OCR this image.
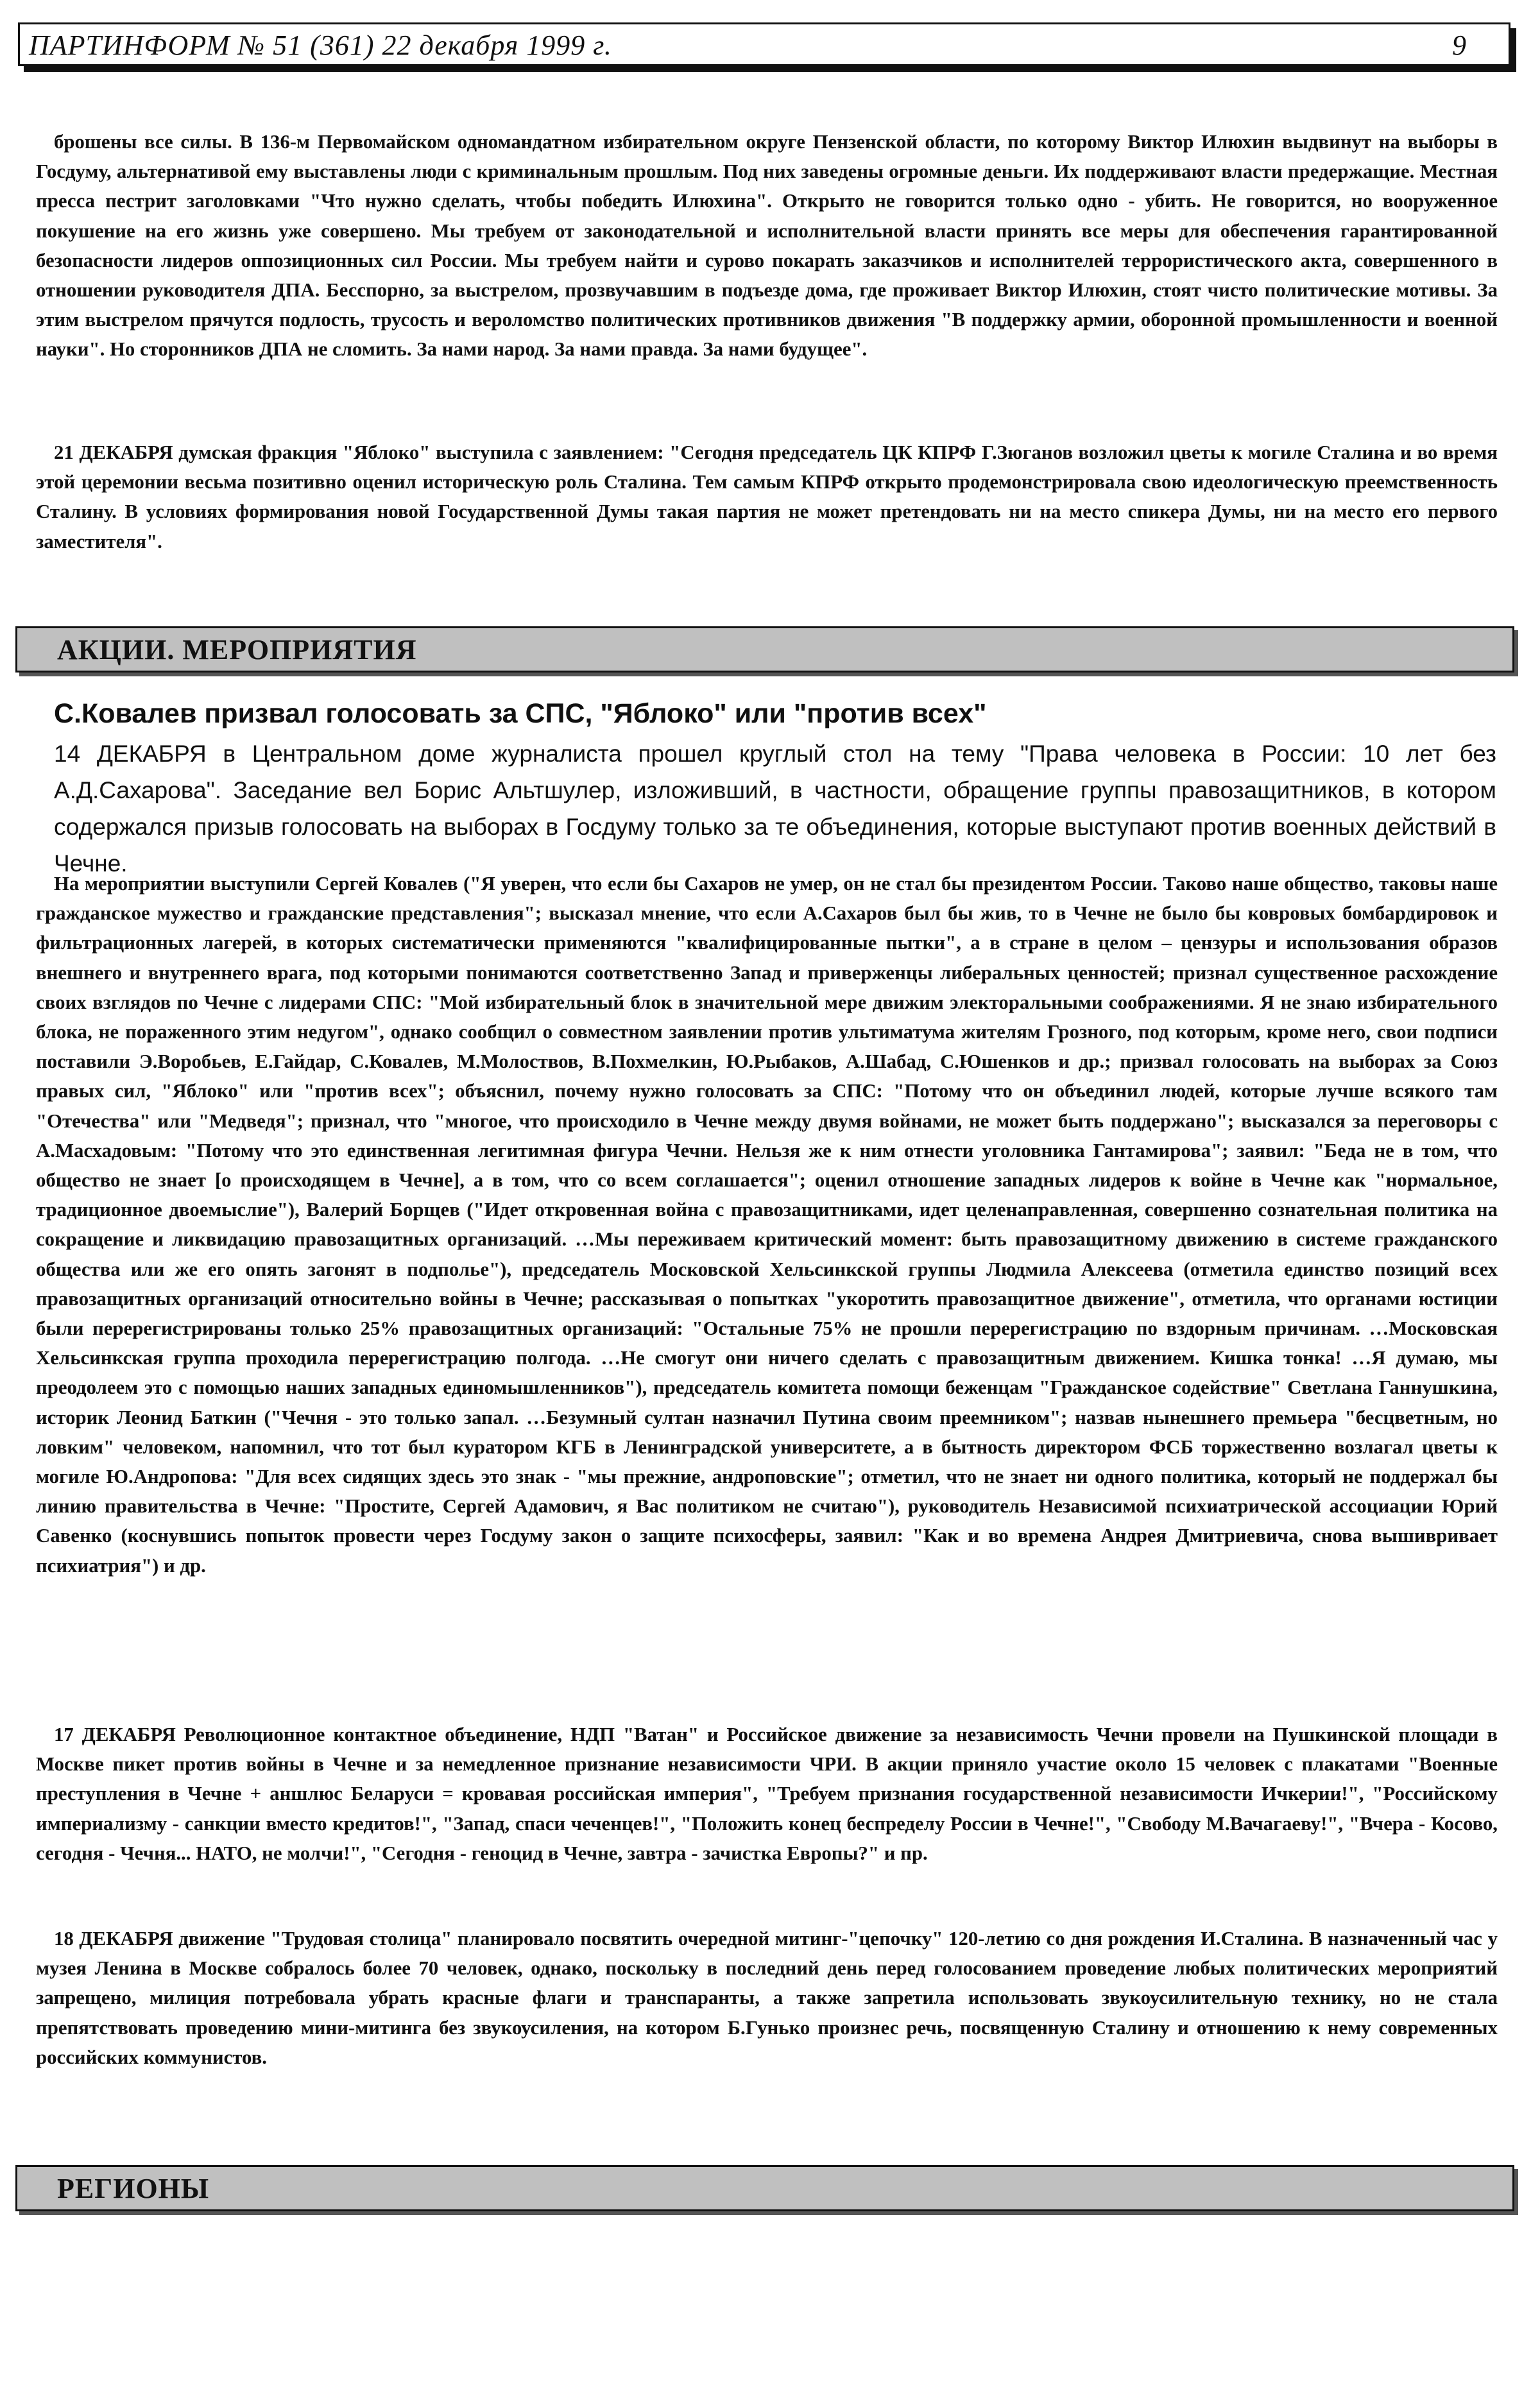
ПАРТИНФОРМ № 51 (361) 22 декабря 1999 г.	9

брошены все силы. В 136-м Первомайском одномандатном избирательном округе Пензенской области, по которому Виктор Илюхин выдвинут на выборы в Госдуму, альтернативой ему выставлены люди с криминальным прошлым. Под них заведены огромные деньги. Их поддерживают власти предержащие. Местная пресса пестрит заголовками "Что нужно сделать, чтобы победить Илюхина". Открыто не говорится только одно - убить. Не говорится, но вооруженное покушение на его жизнь уже совершено. Мы требуем от законодательной и исполнительной власти принять все меры для обеспечения гарантированной безопасности лидеров оппозиционных сил России. Мы требуем найти и сурово покарать заказчиков и исполнителей террористического акта, совершенного в отношении руководителя ДПА. Бесспорно, за выстрелом, прозвучавшим в подъезде дома, где проживает Виктор Илюхин, стоят чисто политические мотивы. За этим выстрелом прячутся подлость, трусость и вероломство политических противников движения "В поддержку армии, оборонной промышленности и военной науки". Но сторонников ДПА не сломить. За нами народ. За нами правда. За нами будущее".

21 ДЕКАБРЯ думская фракция "Яблоко" выступила с заявлением: "Сегодня председатель ЦК КПРФ Г.Зюганов возложил цветы к могиле Сталина и во время этой церемонии весьма позитивно оценил историческую роль Сталина. Тем самым КПРФ открыто продемонстрировала свою идеологическую преемственность Сталину. В условиях формирования новой Государственной Думы такая партия не может претендовать ни на место спикера Думы, ни на место его первого заместителя".

АКЦИИ. МЕРОПРИЯТИЯ
С.Ковалев призвал голосовать за СПС, "Яблоко" или "против всех"

14 ДЕКАБРЯ в Центральном доме журналиста прошел круглый стол на тему "Права человека в России: 10 лет без А.Д.Сахарова". Заседание вел Борис Альтшулер, изложивший, в частности, обращение группы правозащитников, в котором содержался призыв голосовать на выборах в Госдуму только за те объединения, которые выступают против военных действий в Чечне.

На мероприятии выступили Сергей Ковалев ("Я уверен, что если бы Сахаров не умер, он не стал бы президентом России. Таково наше общество, таковы наше гражданское мужество и гражданские представления"; высказал мнение, что если А.Сахаров был бы жив, то в Чечне не было бы ковровых бомбардировок и фильтрационных лагерей, в которых систематически применяются "квалифицированные пытки", а в стране в целом – цензуры и использования образов внешнего и внутреннего врага, под которыми понимаются соответственно Запад и приверженцы либеральных ценностей; признал существенное расхождение своих взглядов по Чечне с лидерами СПС: "Мой избирательный блок в значительной мере движим электоральными соображениями. Я не знаю избирательного блока, не пораженного этим недугом", однако сообщил о совместном заявлении против ультиматума жителям Грозного, под которым, кроме него, свои подписи поставили Э.Воробьев, Е.Гайдар, С.Ковалев, М.Молоствов, В.Похмелкин, Ю.Рыбаков, А.Шабад, С.Юшенков и др.; призвал голосовать на выборах за Союз правых сил, "Яблоко" или "против всех"; объяснил, почему нужно голосовать за СПС: "Потому что он объединил людей, которые лучше всякого там "Отечества" или "Медведя"; признал, что "многое, что происходило в Чечне между двумя войнами, не может быть поддержано"; высказался за переговоры с А.Масхадовым: "Потому что это единственная легитимная фигура Чечни. Нельзя же к ним отнести уголовника Гантамирова"; заявил: "Беда не в том, что общество не знает [о происходящем в Чечне], а в том, что со всем соглашается"; оценил отношение западных лидеров к войне в Чечне как "нормальное, традиционное двоемыслие"), Валерий Борщев ("Идет откровенная война с правозащитниками, идет целенаправленная, совершенно сознательная политика на сокращение и ликвидацию правозащитных организаций. …Мы переживаем критический момент: быть правозащитному движению в системе гражданского общества или же его опять загонят в подполье"), председатель Московской Хельсинкской группы Людмила Алексеева (отметила единство позиций всех правозащитных организаций относительно войны в Чечне; рассказывая о попытках "укоротить правозащитное движение", отметила, что органами юстиции были перерегистрированы только 25% правозащитных организаций: "Остальные 75% не прошли перерегистрацию по вздорным причинам. …Московская Хельсинкская группа проходила перерегистрацию полгода. …Не смогут они ничего сделать с правозащитным движением. Кишка тонка! …Я думаю, мы преодолеем это с помощью наших западных единомышленников"), председатель комитета помощи беженцам "Гражданское содействие" Светлана Ганнушкина, историк Леонид Баткин ("Чечня - это только запал. …Безумный султан назначил Путина своим преемником"; назвав нынешнего премьера "бесцветным, но ловким" человеком, напомнил, что тот был куратором КГБ в Ленинградской университете, а в бытность директором ФСБ торжественно возлагал цветы к могиле Ю.Андропова: "Для всех сидящих здесь это знак - "мы прежние, андроповские"; отметил, что не знает ни одного политика, который не поддержал бы линию правительства в Чечне: "Простите, Сергей Адамович, я Вас политиком не считаю"), руководитель Независимой психиатрической ассоциации Юрий Савенко (коснувшись попыток провести через Госдуму закон о защите психосферы, заявил: "Как и во времена Андрея Дмитриевича, снова вышивривает психиатрия") и др.

17 ДЕКАБРЯ Революционное контактное объединение, НДП "Ватан" и Российское движение за независимость Чечни провели на Пушкинской площади в Москве пикет против войны в Чечне и за немедленное признание независимости ЧРИ. В акции приняло участие около 15 человек с плакатами "Военные преступления в Чечне + аншлюс Беларуси = кровавая российская империя", "Требуем признания государственной независимости Ичкерии!", "Российскому империализму - санкции вместо кредитов!", "Запад, спаси чеченцев!", "Положить конец беспределу России в Чечне!", "Свободу М.Вачагаеву!", "Вчера - Косово, сегодня - Чечня... НАТО, не молчи!", "Сегодня - геноцид в Чечне, завтра - зачистка Европы?" и пр.

18 ДЕКАБРЯ движение "Трудовая столица" планировало посвятить очередной митинг-"цепочку" 120-летию со дня рождения И.Сталина. В назначенный час у музея Ленина в Москве собралось более 70 человек, однако, поскольку в последний день перед голосованием проведение любых политических мероприятий запрещено, милиция потребовала убрать красные флаги и транспаранты, а также запретила использовать звукоусилительную технику, но не стала препятствовать проведению мини-митинга без звукоусиления, на котором Б.Гунько произнес речь, посвященную Сталину и отношению к нему современных российских коммунистов.

РЕГИОНЫ
